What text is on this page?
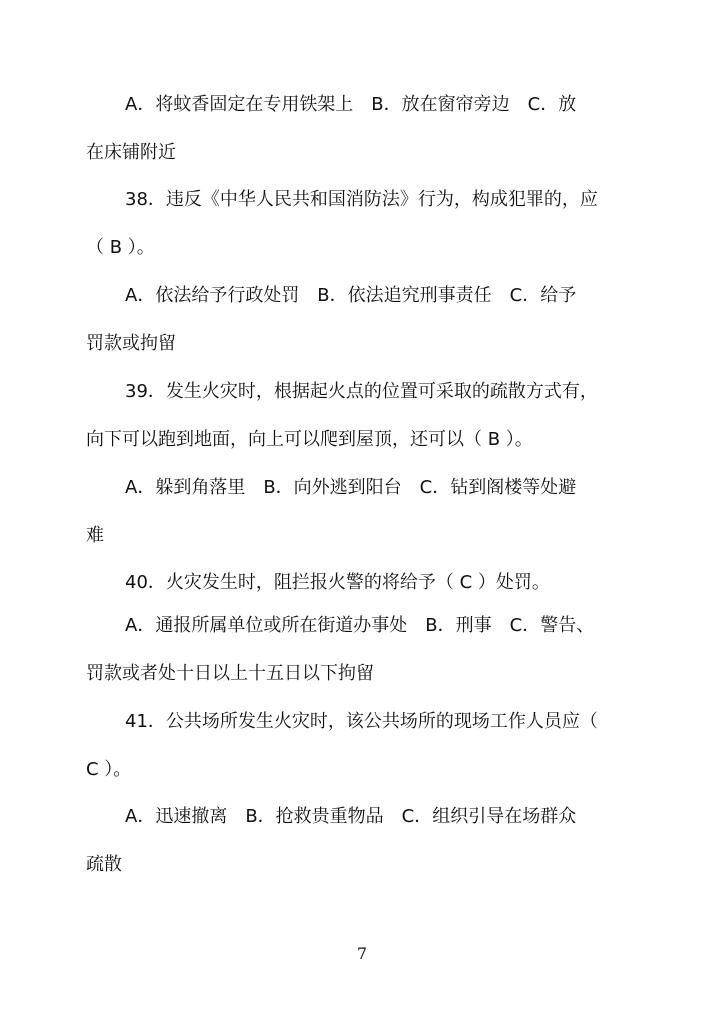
A．将蚊香固定在专用铁架上　B．放在窗帘旁边　C．放
在床铺附近
38．违反《中华人民共和国消防法》行为，构成犯罪的，应
（ B ）。
A．依法给予行政处罚　B．依法追究刑事责任　C．给予
罚款或拘留
39．发生火灾时，根据起火点的位置可采取的疏散方式有，
向下可以跑到地面，向上可以爬到屋顶，还可以（ B ）。
A．躲到角落里　B．向外逃到阳台　C．钻到阁楼等处避
难
40．火灾发生时，阻拦报火警的将给予（ C ）处罚。
A．通报所属单位或所在街道办事处　B．刑事　C．警告、
罚款或者处十日以上十五日以下拘留
41．公共场所发生火灾时，该公共场所的现场工作人员应（
C ）。
A．迅速撤离　B．抢救贵重物品　C．组织引导在场群众
疏散
7
